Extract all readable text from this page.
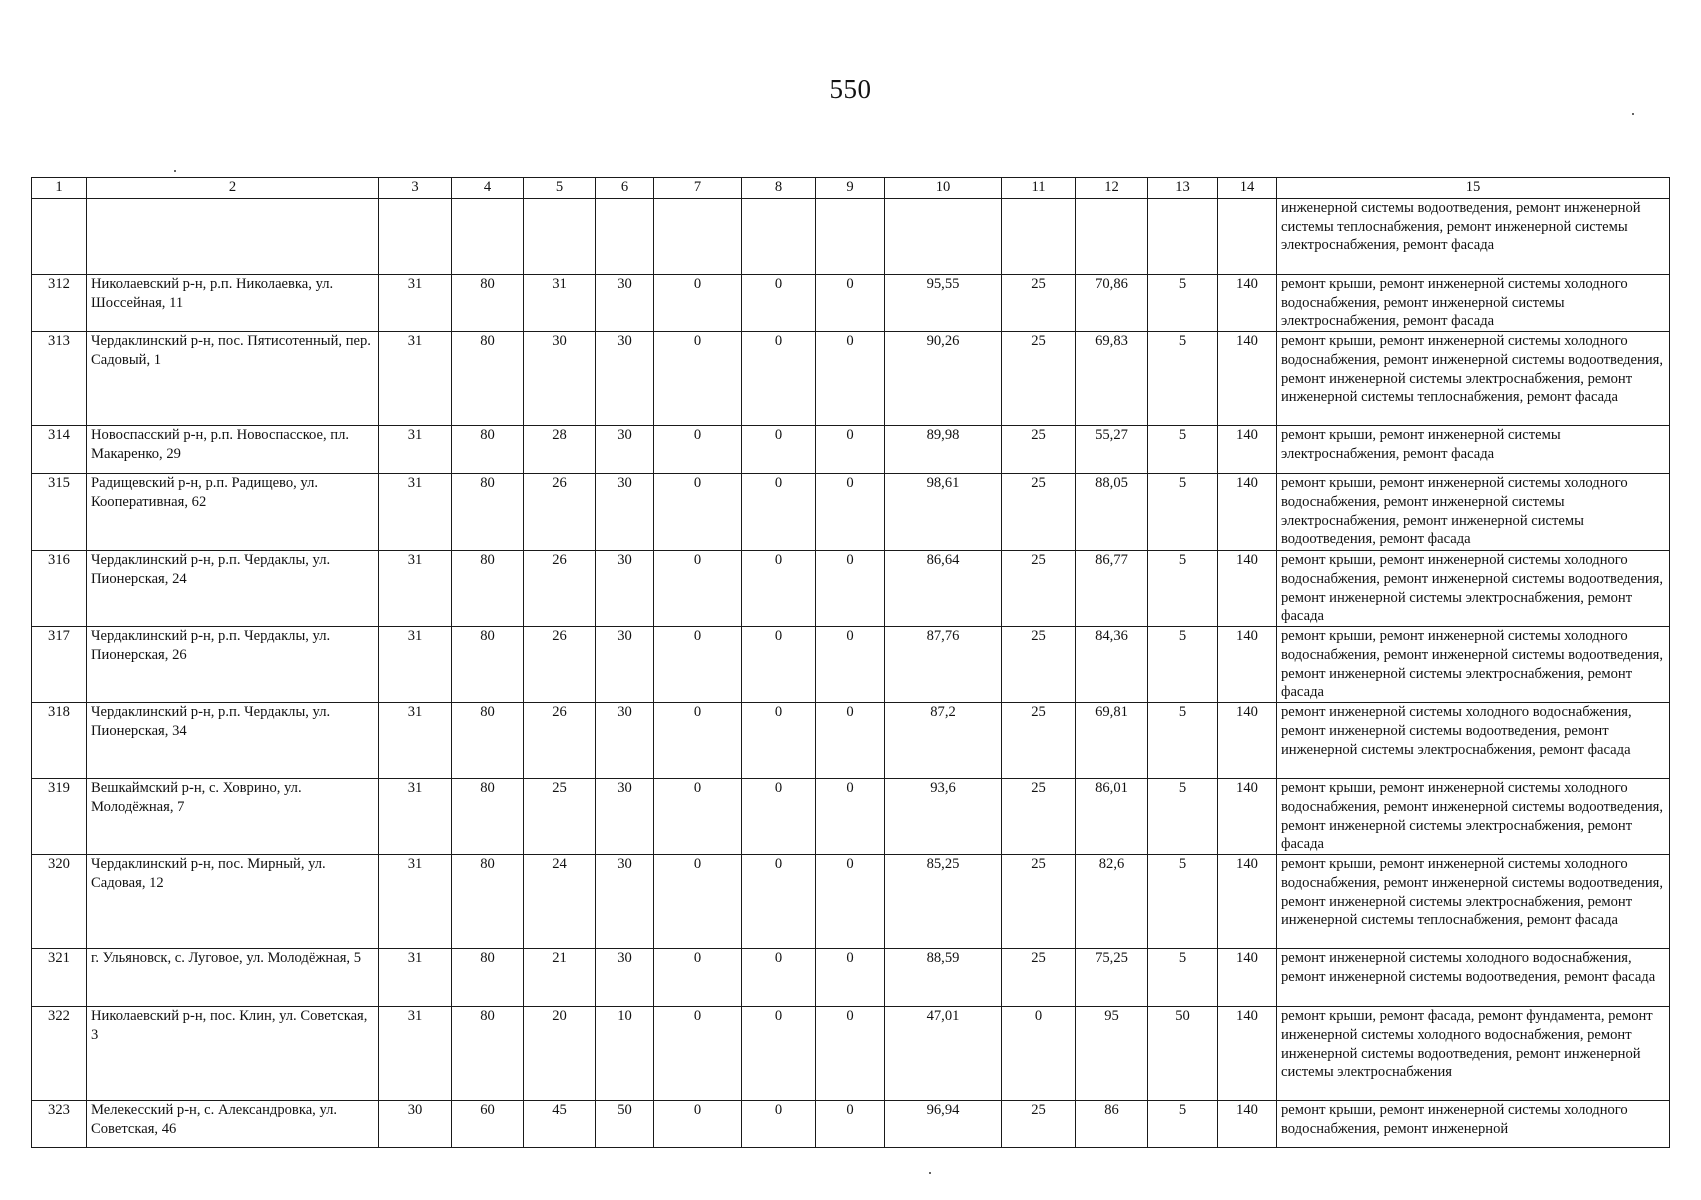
550
1	2	3	4	5	6	7	8	9	10	11	12	13	14	15
														инженерной системы водоотведения, ремонт инженерной системы теплоснабжения, ремонт инженерной системы электроснабжения, ремонт фасада
312	Николаевский р-н, р.п. Николаевка, ул. Шоссейная, 11	31	80	31	30	0	0	0	95,55	25	70,86	5	140	ремонт крыши, ремонт инженерной системы холодного водоснабжения, ремонт инженерной системы электроснабжения, ремонт фасада
313	Чердаклинский р-н, пос. Пятисотенный, пер. Садовый, 1	31	80	30	30	0	0	0	90,26	25	69,83	5	140	ремонт крыши, ремонт инженерной системы холодного водоснабжения, ремонт инженерной системы водоотведения, ремонт инженерной системы электроснабжения, ремонт инженерной системы теплоснабжения, ремонт фасада
314	Новоспасский р-н, р.п. Новоспасское, пл. Макаренко, 29	31	80	28	30	0	0	0	89,98	25	55,27	5	140	ремонт крыши, ремонт инженерной системы электроснабжения, ремонт фасада
315	Радищевский р-н, р.п. Радищево, ул. Кооперативная, 62	31	80	26	30	0	0	0	98,61	25	88,05	5	140	ремонт крыши, ремонт инженерной системы холодного водоснабжения, ремонт инженерной системы электроснабжения, ремонт инженерной системы водоотведения, ремонт фасада
316	Чердаклинский р-н, р.п. Чердаклы, ул. Пионерская, 24	31	80	26	30	0	0	0	86,64	25	86,77	5	140	ремонт крыши, ремонт инженерной системы холодного водоснабжения, ремонт инженерной системы водоотведения, ремонт инженерной системы электроснабжения, ремонт фасада
317	Чердаклинский р-н, р.п. Чердаклы, ул. Пионерская, 26	31	80	26	30	0	0	0	87,76	25	84,36	5	140	ремонт крыши, ремонт инженерной системы холодного водоснабжения, ремонт инженерной системы водоотведения, ремонт инженерной системы электроснабжения, ремонт фасада
318	Чердаклинский р-н, р.п. Чердаклы, ул. Пионерская, 34	31	80	26	30	0	0	0	87,2	25	69,81	5	140	ремонт инженерной системы холодного водоснабжения, ремонт инженерной системы водоотведения, ремонт инженерной системы электроснабжения, ремонт фасада
319	Вешкаймский р-н, с. Ховрино, ул. Молодёжная, 7	31	80	25	30	0	0	0	93,6	25	86,01	5	140	ремонт крыши, ремонт инженерной системы холодного водоснабжения, ремонт инженерной системы водоотведения, ремонт инженерной системы электроснабжения, ремонт фасада
320	Чердаклинский р-н, пос. Мирный, ул. Садовая, 12	31	80	24	30	0	0	0	85,25	25	82,6	5	140	ремонт крыши, ремонт инженерной системы холодного водоснабжения, ремонт инженерной системы водоотведения, ремонт инженерной системы электроснабжения, ремонт инженерной системы теплоснабжения, ремонт фасада
321	г. Ульяновск, с. Луговое, ул. Молодёжная, 5	31	80	21	30	0	0	0	88,59	25	75,25	5	140	ремонт инженерной системы холодного водоснабжения, ремонт инженерной системы водоотведения, ремонт фасада
322	Николаевский р-н, пос. Клин, ул. Советская, 3	31	80	20	10	0	0	0	47,01	0	95	50	140	ремонт крыши, ремонт фасада, ремонт фундамента, ремонт инженерной системы холодного водоснабжения, ремонт инженерной системы водоотведения, ремонт инженерной системы электроснабжения
323	Мелекесский р-н, с. Александровка, ул. Советская, 46	30	60	45	50	0	0	0	96,94	25	86	5	140	ремонт крыши, ремонт инженерной системы холодного водоснабжения, ремонт инженерной
